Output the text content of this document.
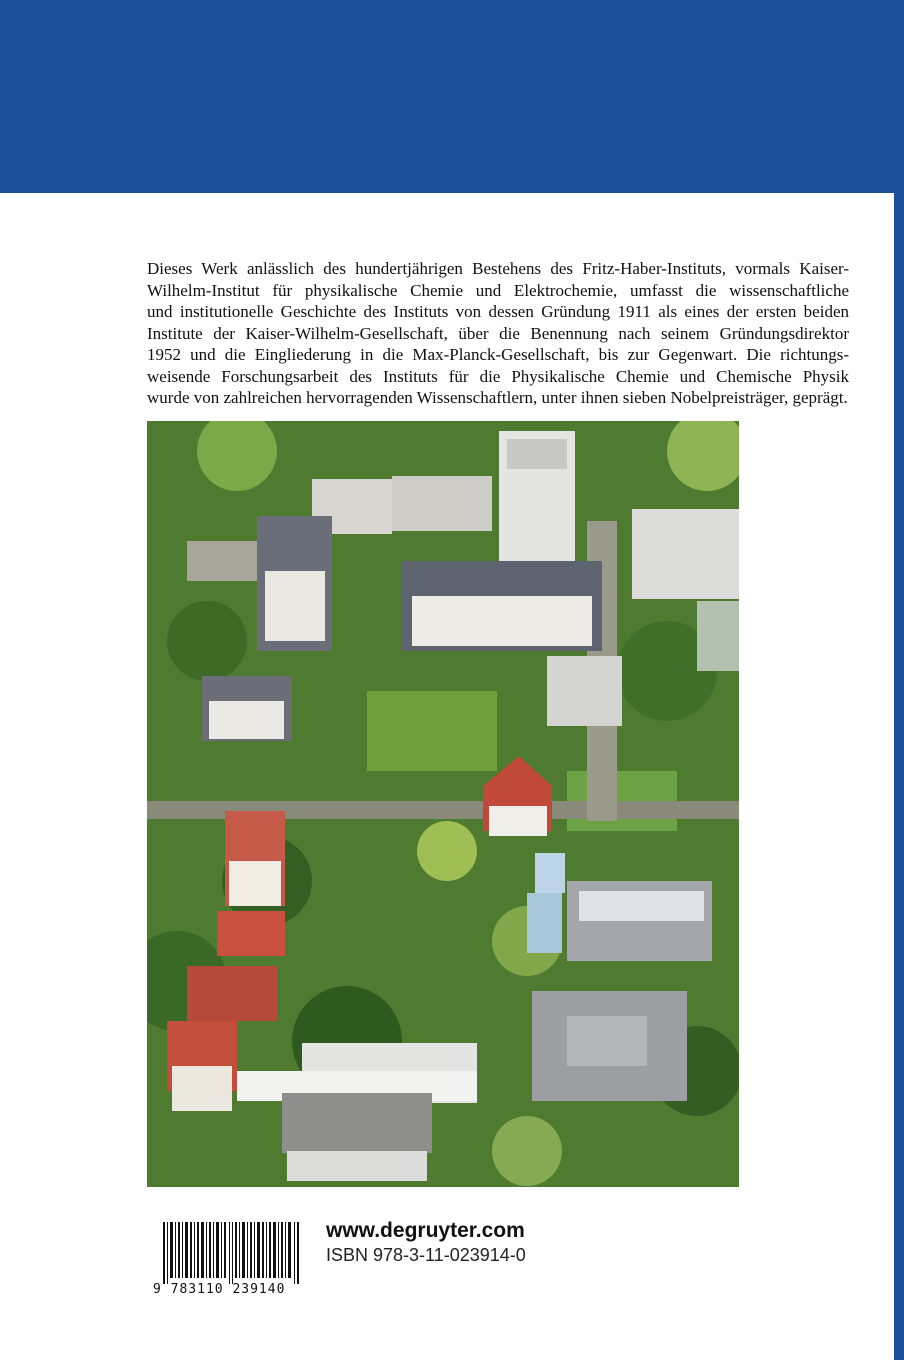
Dieses Werk anlässlich des hundertjährigen Bestehens des Fritz-Haber-Instituts, vormals Kaiser-
Wilhelm-Institut für physikalische Chemie und Elektrochemie, umfasst die wissenschaftliche
und institutionelle Geschichte des Instituts von dessen Gründung 1911 als eines der ersten beiden
Institute der Kaiser-Wilhelm-Gesellschaft, über die Benennung nach seinem Gründungsdirektor
1952 und die Eingliederung in die Max-Planck-Gesellschaft, bis zur Gegenwart. Die richtungs-
weisende Forschungsarbeit des Instituts für die Physikalische Chemie und Chemische Physik
wurde von zahlreichen hervorragenden Wissenschaftlern, unter ihnen sieben Nobelpreisträger, geprägt.
9 783110 239140
www.degruyter.com
ISBN 978-3-11-023914-0
